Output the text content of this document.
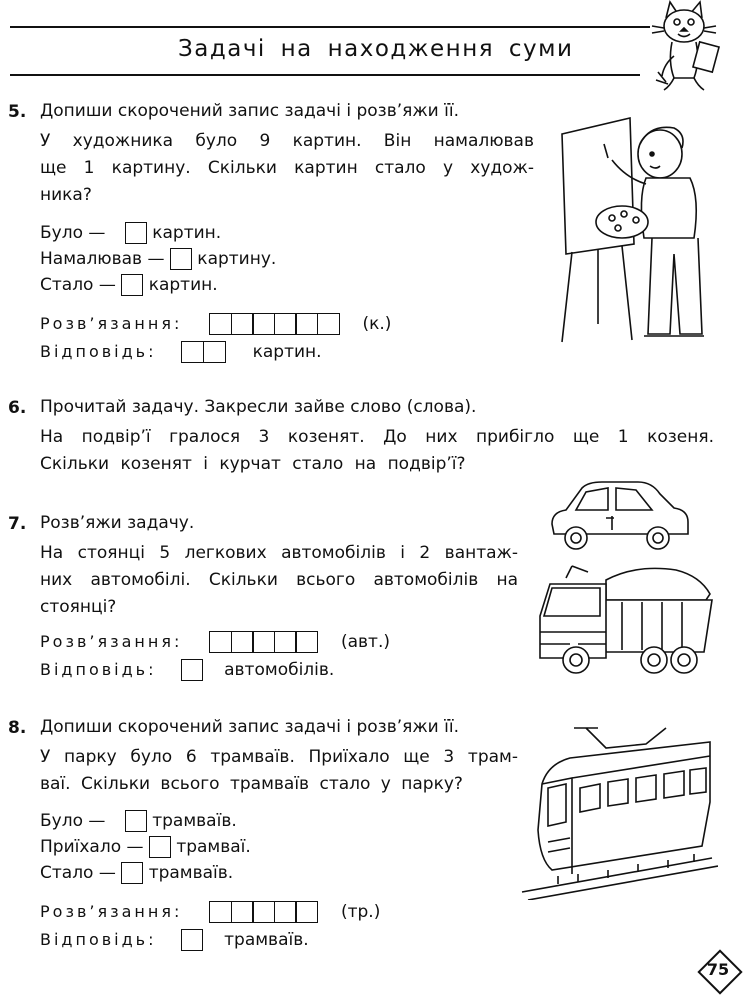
Задачі на находження суми
5. Допиши скорочений запис задачі і розв’яжи її.
У художника було 9 картин. Він намалював
ще 1 картину. Скільки картин стало у худож-
ника?
Було —	картин.
Намалював — картину.
Стало — картин.
Розв’язання:	(к.)
Відповідь:	картин.
6. Прочитай задачу. Закресли зайве слово (слова).
На подвір’ї гралося 3 козенят. До них прибігло ще 1 козеня.
Скільки козенят і курчат стало на подвір’ї?
7. Розв’яжи задачу.
На стоянці 5 легкових автомобілів і 2 вантаж-
них автомобілі. Скільки всього автомобілів на
стоянці?
Розв’язання:	(авт.)
Відповідь:	автомобілів.
8. Допиши скорочений запис задачі і розв’яжи її.
У парку було 6 трамваїв. Приїхало ще 3 трам-
ваї. Скільки всього трамваїв стало у парку?
Було —	трамваїв.
Приїхало — трамваї.
Стало — трамваїв.
Розв’язання:	(тр.)
Відповідь:	трамваїв.
75
